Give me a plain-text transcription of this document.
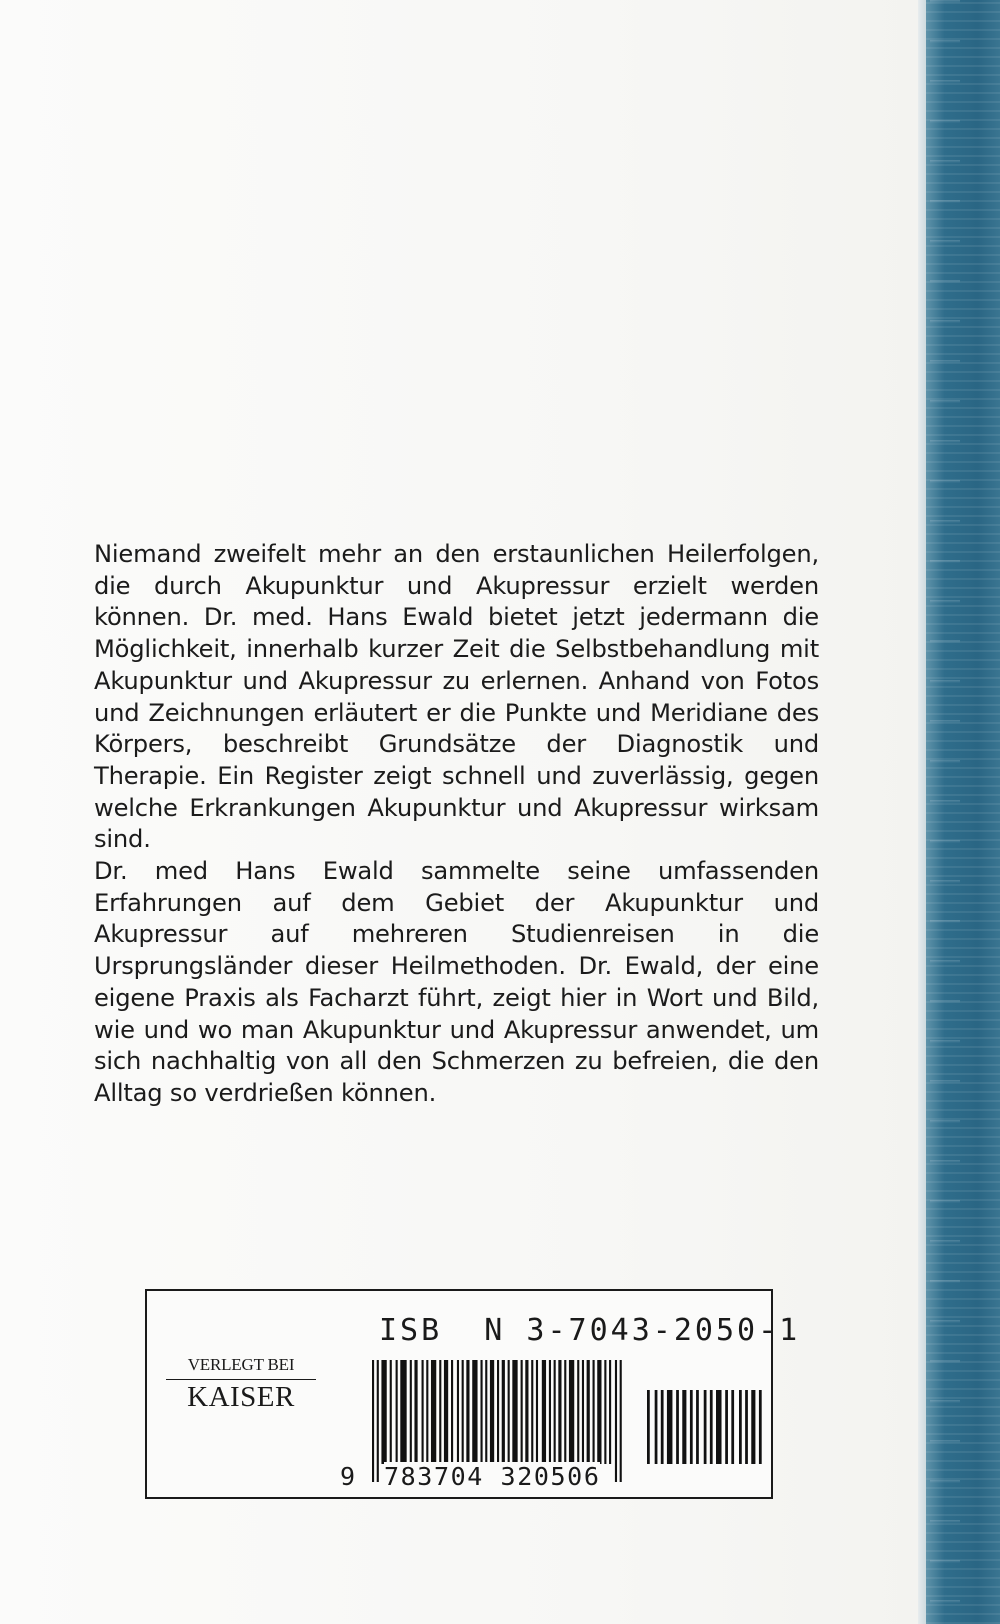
Niemand zweifelt mehr an den erstaunlichen Heilerfolgen, die durch Akupunktur und Akupressur erzielt werden können. Dr. med. Hans Ewald bietet jetzt jedermann die Möglichkeit, innerhalb kurzer Zeit die Selbstbehandlung mit Akupunktur und Akupressur zu erlernen. Anhand von Fotos und Zeichnungen erläutert er die Punkte und Meridiane des Körpers, beschreibt Grundsätze der Diagnostik und Therapie. Ein Register zeigt schnell und zuverlässig, gegen welche Erkrankungen Akupunktur und Akupressur wirksam sind.

Dr. med Hans Ewald sammelte seine umfassenden Erfahrungen auf dem Gebiet der Akupunktur und Akupressur auf mehreren Studienreisen in die Ursprungsländer dieser Heilmethoden. Dr. Ewald, der eine eigene Praxis als Facharzt führt, zeigt hier in Wort und Bild, wie und wo man Akupunktur und Akupressur anwendet, um sich nachhaltig von all den Schmerzen zu befreien, die den Alltag so verdrießen können.

VERLEGT BEI
KAISER
ISB  N 3-7043-2050-1
9 783704 320506
